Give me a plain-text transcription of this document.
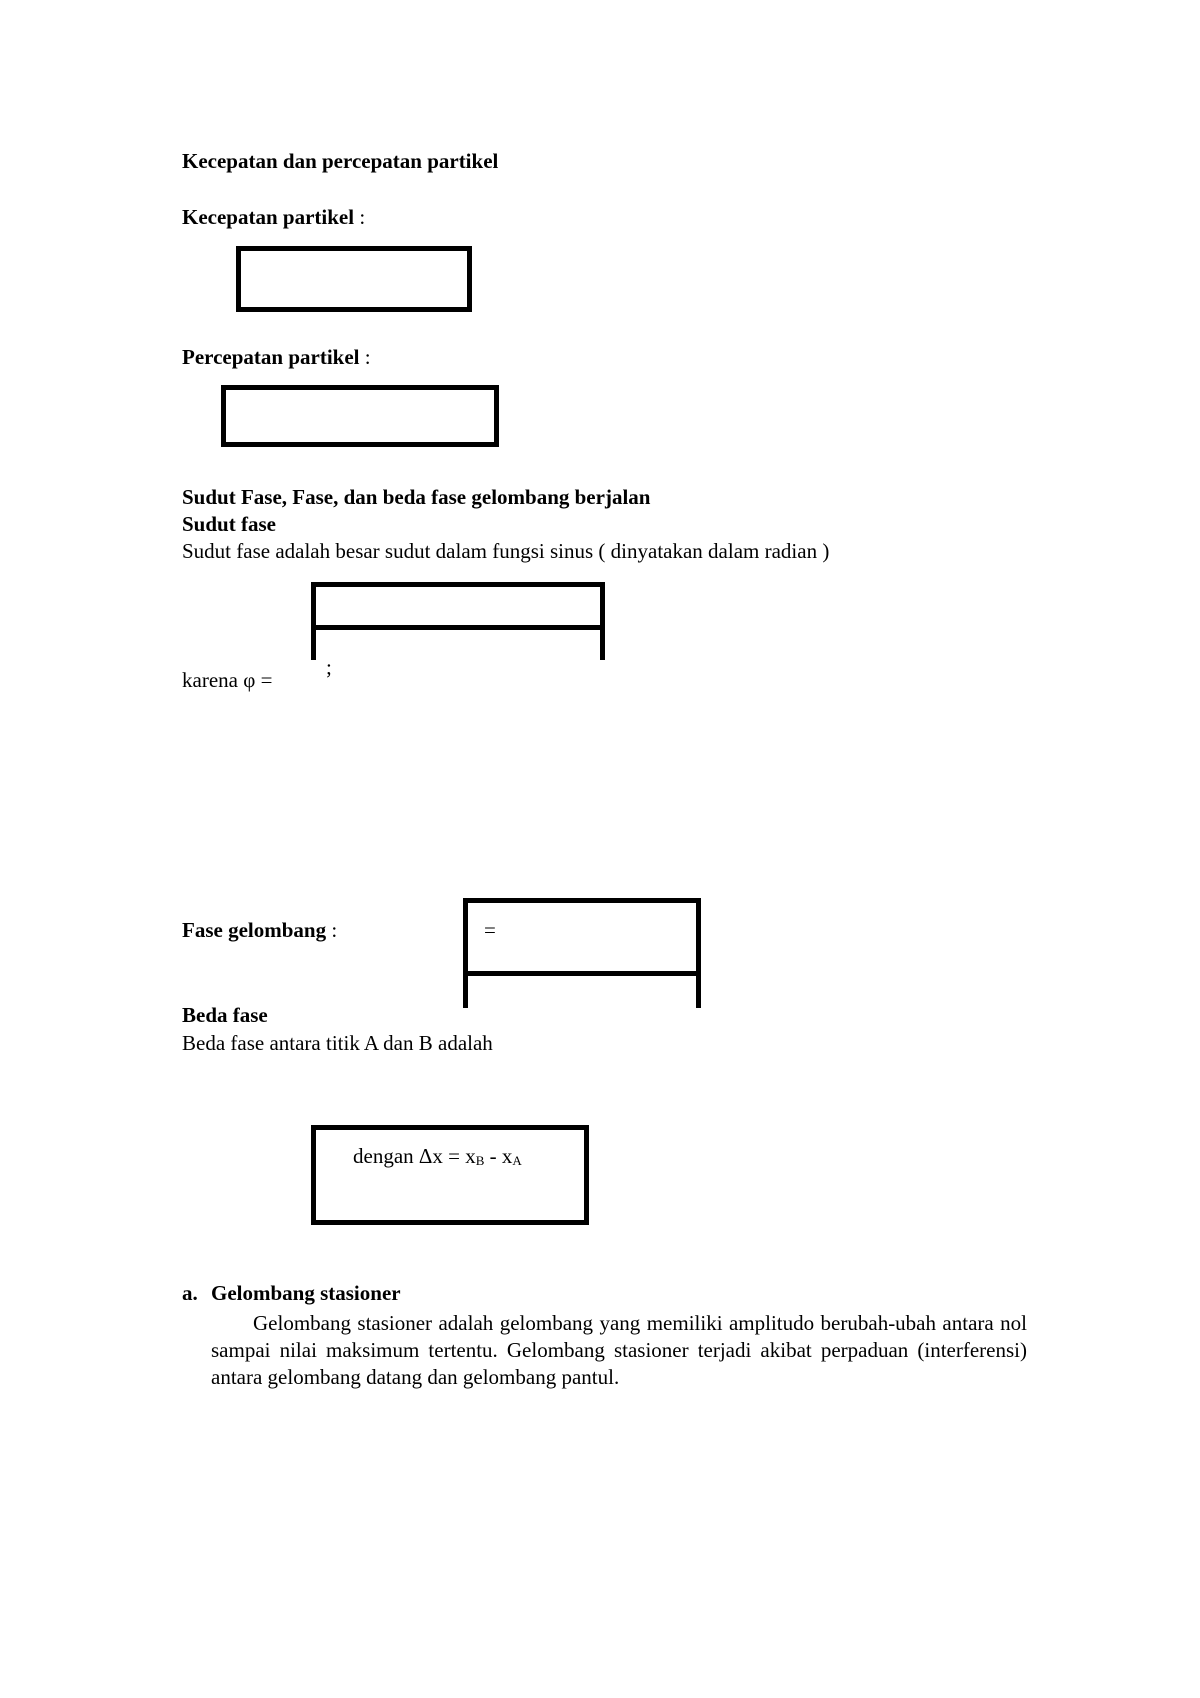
Kecepatan dan percepatan partikel
Kecepatan partikel :
Percepatan partikel :
Sudut Fase, Fase, dan beda fase gelombang berjalan
Sudut fase
Sudut fase adalah besar sudut dalam fungsi sinus ( dinyatakan dalam radian )
karena φ =
;
Fase gelombang :	=
Beda fase
Beda fase antara titik A dan B adalah
dengan $\Delta x = x_B - x_A$
a. Gelombang stasioner
Gelombang stasioner adalah gelombang yang memiliki amplitudo berubah-ubah antara nol sampai nilai maksimum tertentu. Gelombang stasioner terjadi akibat perpaduan (interferensi) antara gelombang datang dan gelombang pantul.
